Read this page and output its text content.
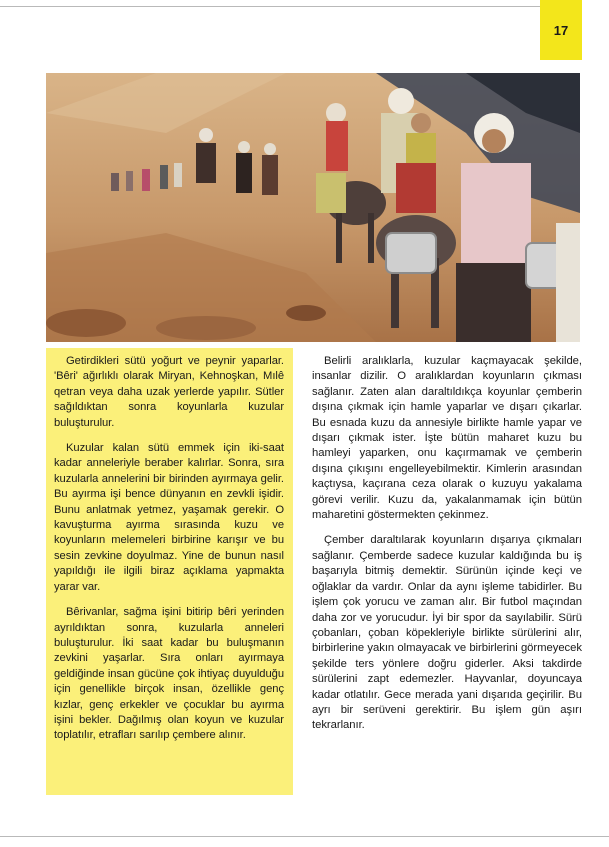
17

Getirdikleri sütü yoğurt ve peynir yaparlar. 'Bêri' ağırlıklı olarak Miryan, Kehnoşkan, Mılê qetran veya daha uzak yerlerde yapılır. Sütler sağıldıktan sonra koyunlarla kuzular buluşturulur.

Kuzular kalan sütü emmek için iki-saat kadar anneleriyle beraber kalırlar. Sonra, sıra kuzularla annelerini bir birinden ayırmaya gelir. Bu ayırma işi bence dünyanın en zevkli işidir. Bunu anlatmak yetmez, yaşamak gerekir. O kavuşturma ayırma sırasında kuzu ve koyunların melemeleri birbirine karışır ve bu sesin zevkine doyulmaz. Yine de bunun nasıl yapıldığı ile ilgili biraz açıklama yapmakta yarar var.

Bêrivanlar, sağma işini bitirip bêri yerinden ayrıldıktan sonra, kuzularla anneleri buluşturulur. İki saat kadar bu buluşmanın zevkini yaşarlar. Sıra onları ayırmaya geldiğinde insan gücüne çok ihtiyaç duyulduğu için genellikle birçok insan, özellikle genç kızlar, genç erkekler ve çocuklar bu ayırma işini bekler. Dağılmış olan koyun ve kuzular toplatılır, etrafları sarılıp çembere alınır.

Belirli aralıklarla, kuzular kaçmayacak şekilde, insanlar dizilir. O aralıklardan koyunların çıkması sağlanır. Zaten alan daraltıldıkça koyunlar çemberin dışına çıkmak için hamle yaparlar ve dışarı çıkarlar. Bu esnada kuzu da annesiyle birlikte hamle yapar ve dışarı çıkmak ister. İşte bütün maharet kuzu bu hamleyi yaparken, onu kaçırmamak ve çemberin dışına çıkışını engelleyebilmektir. Kimlerin arasından kaçtıysa, kaçırana ceza olarak o kuzuyu yakalama görevi verilir. Kuzu da, yakalanmamak için bütün maharetini göstermekten çekinmez.

Çember daraltılarak koyunların dışarıya çıkmaları sağlanır. Çemberde sadece kuzular kaldığında bu iş başarıyla bitmiş demektir. Sürünün içinde keçi ve oğlaklar da vardır. Onlar da aynı işleme tabidirler. Bu işlem çok yorucu ve zaman alır. Bir futbol maçından daha zor ve yorucudur. İyi bir spor da sayılabilir. Sürü çobanları, çoban köpekleriyle birlikte sürülerini alır, birbirlerine yakın olmayacak ve birbirlerini görmeyecek şekilde ters yönlere doğru giderler. Aksi takdirde sürülerini zapt edemezler. Hayvanlar, doyuncaya kadar otlatılır. Gece merada yani dışarıda geçirilir. Bu ayrı bir serüveni gerektirir. Bu işlem gün aşırı tekrarlanır.
